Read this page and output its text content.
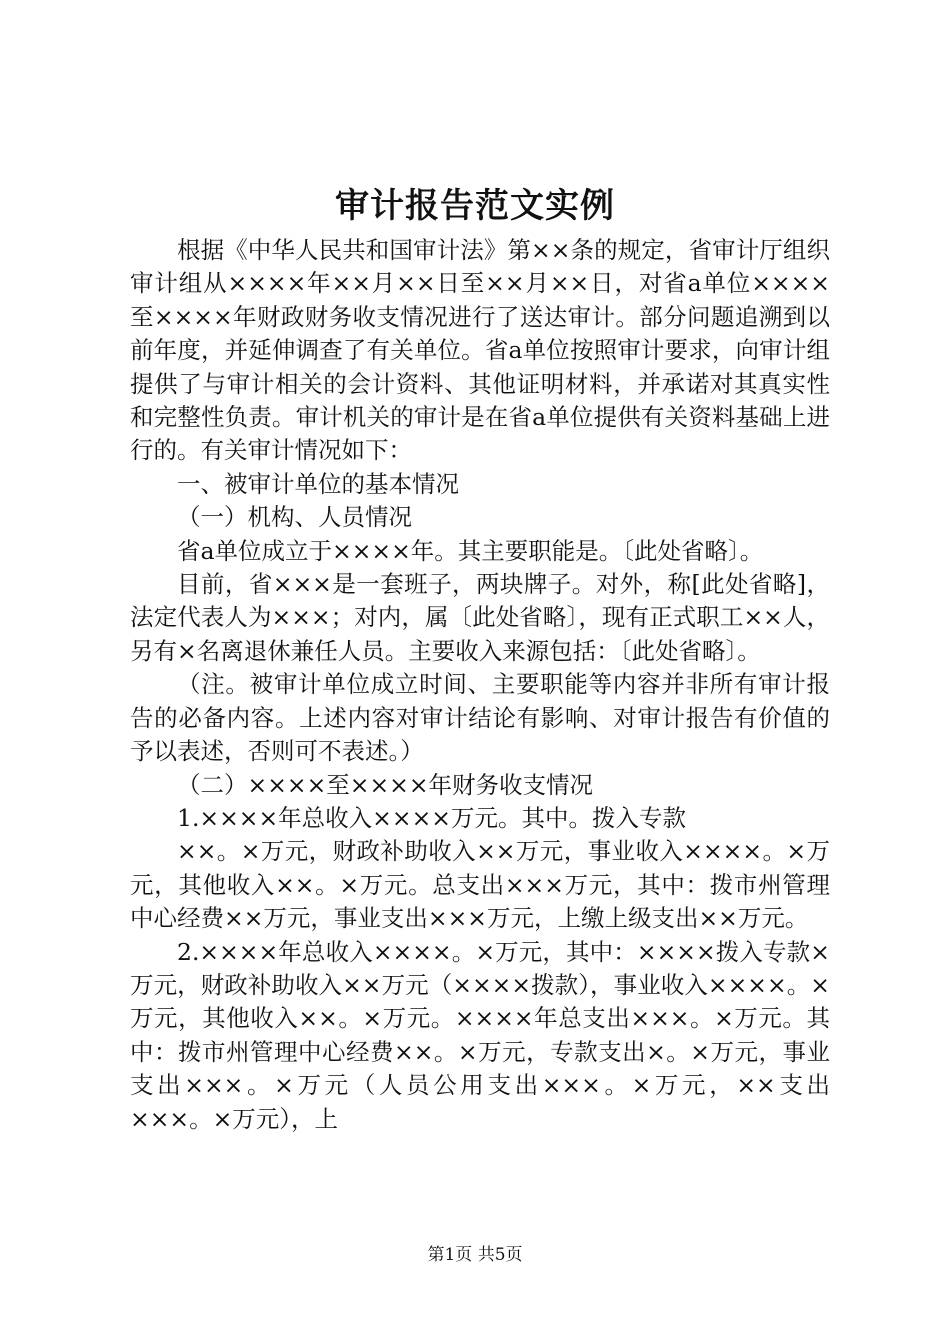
审计报告范文实例

根据《中华人民共和国审计法》第××条的规定，省审计厅组织审计组从××××年××月××日至××月××日，对省a单位××××至××××年财政财务收支情况进行了送达审计。部分问题追溯到以前年度，并延伸调查了有关单位。省a单位按照审计要求，向审计组提供了与审计相关的会计资料、其他证明材料，并承诺对其真实性和完整性负责。审计机关的审计是在省a单位提供有关资料基础上进行的。有关审计情况如下：

一、被审计单位的基本情况

（一）机构、人员情况

省a单位成立于××××年。其主要职能是。〔此处省略〕。

目前，省×××是一套班子，两块牌子。对外，称[此处省略]，法定代表人为×××；对内，属〔此处省略〕，现有正式职工××人，另有×名离退休兼任人员。主要收入来源包括：〔此处省略〕。

（注。被审计单位成立时间、主要职能等内容并非所有审计报告的必备内容。上述内容对审计结论有影响、对审计报告有价值的予以表述，否则可不表述。）

（二）××××至××××年财务收支情况

1.××××年总收入××××万元。其中。拨入专款

××。×万元，财政补助收入××万元，事业收入××××。×万元，其他收入××。×万元。总支出×××万元，其中：拨市州管理中心经费××万元，事业支出×××万元，上缴上级支出××万元。

2.××××年总收入××××。×万元，其中：××××拨入专款×万元，财政补助收入××万元（××××拨款），事业收入××××。×万元，其他收入××。×万元。××××年总支出×××。×万元。其中：拨市州管理中心经费××。×万元，专款支出×。×万元，事业支出×××。×万元（人员公用支出×××。×万元，××支出×××。×万元），上

第1页 共5页
